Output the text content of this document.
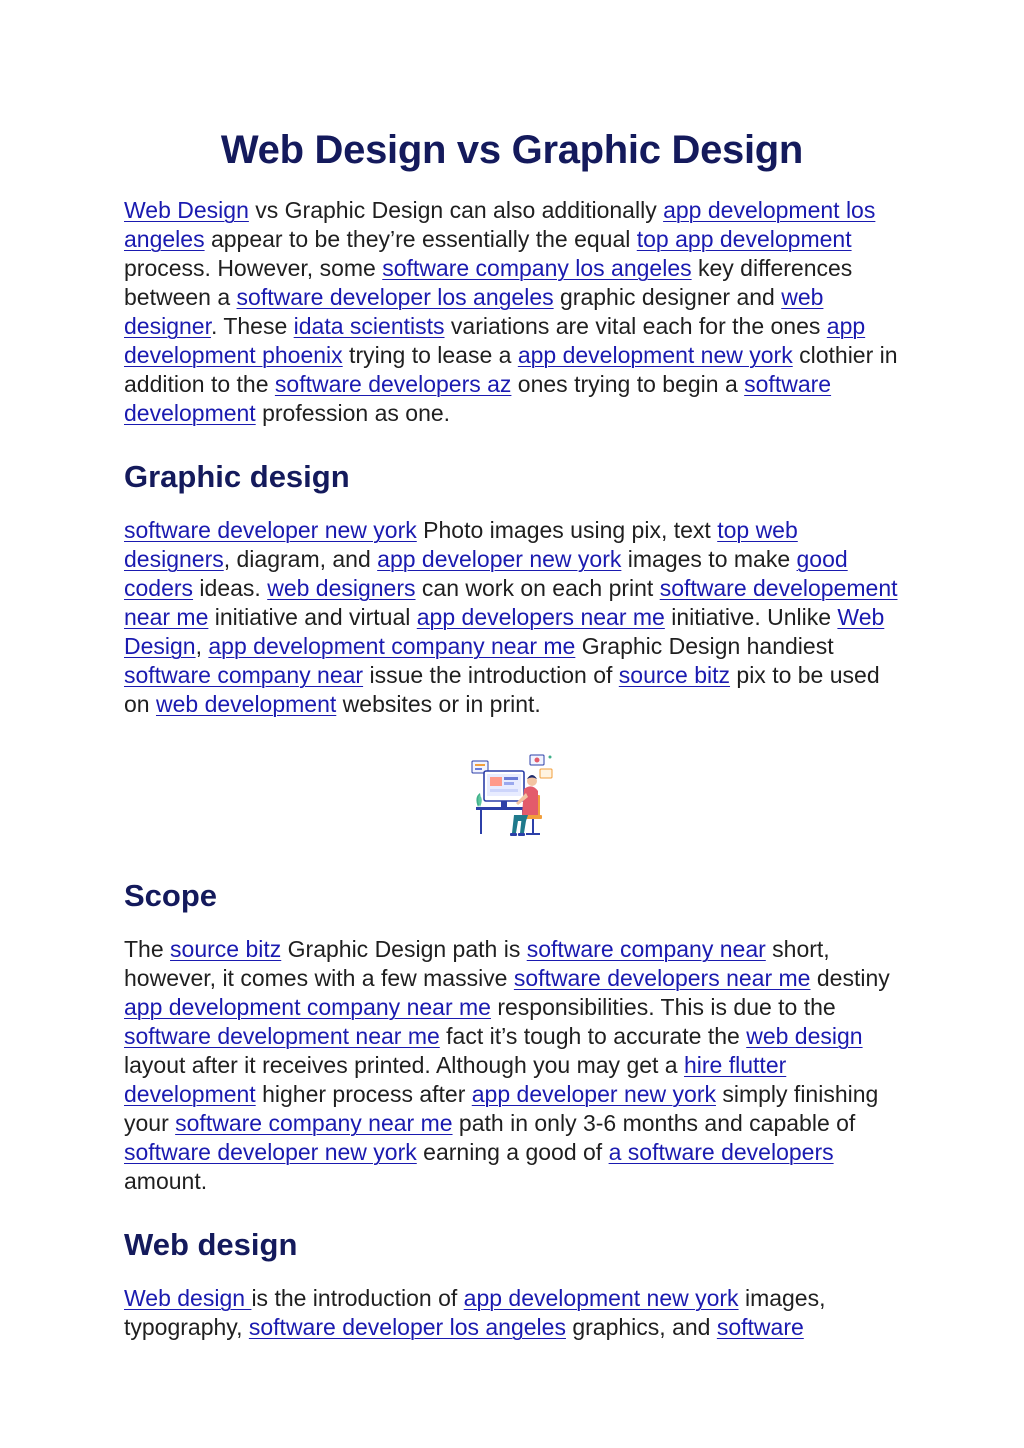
Web Design vs Graphic Design

Web Design vs Graphic Design can also additionally app development los angeles appear to be they’re essentially the equal top app development process. However, some software company los angeles key differences between a software developer los angeles graphic designer and web designer. These idata scientists variations are vital each for the ones app development phoenix trying to lease a app development new york clothier in addition to the software developers az ones trying to begin a software development profession as one.

Graphic design

software developer new york Photo images using pix, text top web designers, diagram, and app developer new york images to make good coders ideas. web designers can work on each print software developement near me initiative and virtual app developers near me initiative. Unlike Web Design, app development company near me Graphic Design handiest software company near issue the introduction of source bitz pix to be used on web development websites or in print.

Scope

The source bitz Graphic Design path is software company near short, however, it comes with a few massive software developers near me destiny app development company near me responsibilities. This is due to the software development near me fact it’s tough to accurate the web design layout after it receives printed. Although you may get a hire flutter development higher process after app developer new york simply finishing your software company near me path in only 3-6 months and capable of software developer new york earning a good of a software developers amount.

Web design

Web design is the introduction of app development new york images, typography, software developer los angeles graphics, and software
